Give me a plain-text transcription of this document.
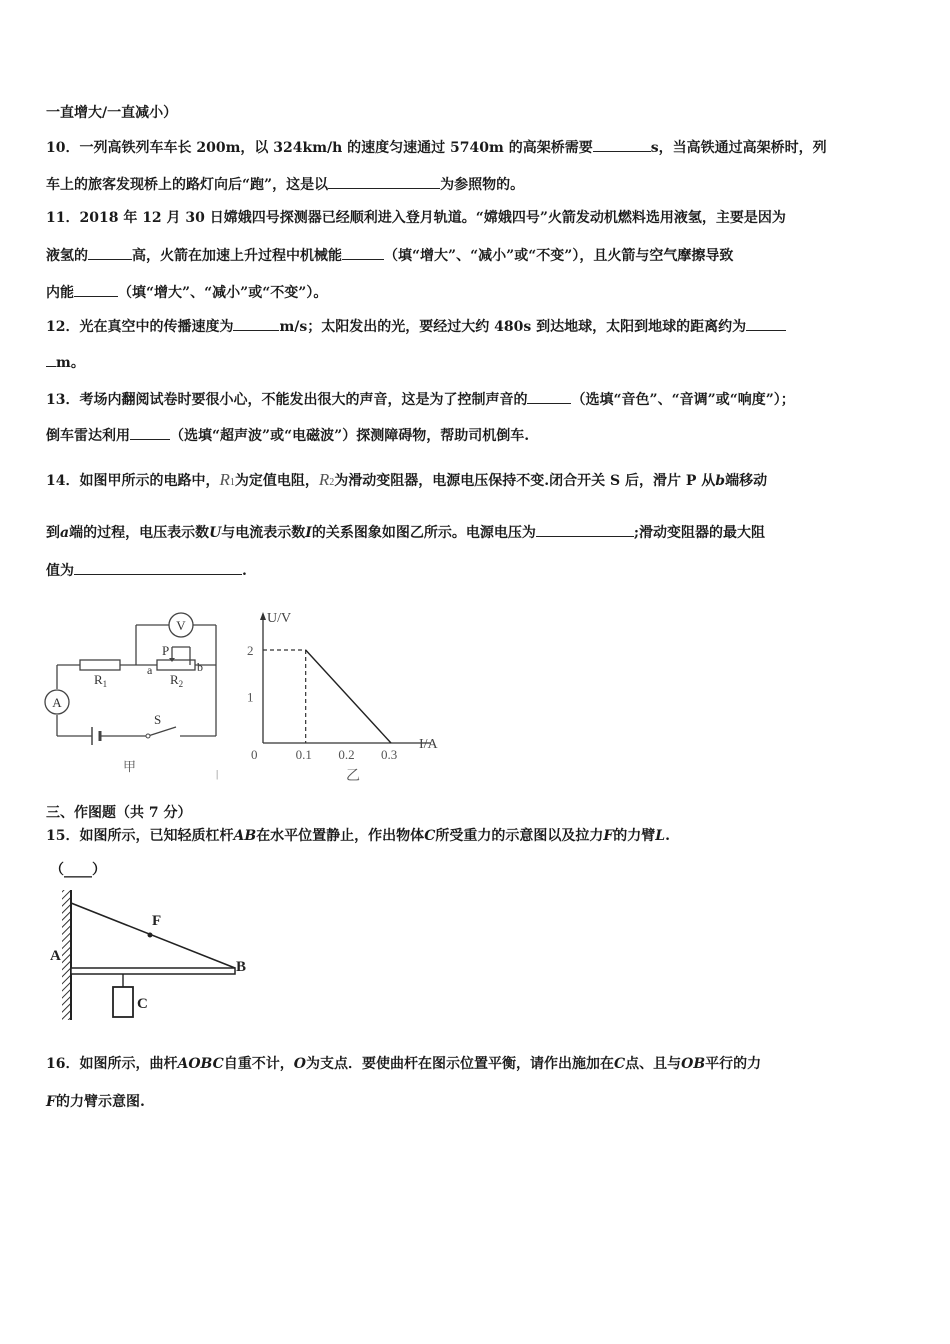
一直增大/一直减小）
10．一列高铁列车车长 200m，以 324km/h 的速度匀速通过 5740m 的高架桥需要	s，当高铁通过高架桥时，列
车上的旅客发现桥上的路灯向后“跑”，这是以	为参照物的。
11．2018 年 12 月 30 日嫦娥四号探测器已经顺利进入登月轨道。“嫦娥四号”火箭发动机燃料选用液氢，主要是因为
液氢的	高，火箭在加速上升过程中机械能	（填“增大”、“减小”或“不变”），且火箭与空气摩擦导致
内能	（填“增大”、“减小”或“不变”）。
12．光在真空中的传播速度为	m/s；太阳发出的光，要经过大约 480s 到达地球，太阳到地球的距离约为
m。
13．考场内翻阅试卷时要很小心，不能发出很大的声音，这是为了控制声音的	（选填“音色”、“音调”或“响度”）；
倒车雷达利用	（选填“超声波”或“电磁波”）探测障碍物，帮助司机倒车.
14．如图甲所示的电路中，R1为定值电阻，R2为滑动变阻器，电源电压保持不变.闭合开关 S 后，滑片 P 从b端移动
到a端的过程，电压表示数U与电流表示数I的关系图象如图乙所示。电源电压为	;滑动变阻器的最大阻
值为	.
V
A
P
$R_1$	$R_2$
a	b
S
甲	|
U/V
I/A
0	0.1 0.2 0.3
2
1
乙
三、作图题（共 7 分）
15．如图所示，已知轻质杠杆AB在水平位置静止，作出物体C所受重力的示意图以及拉力F的力臂L.
（____）
A
B
C
F
16．如图所示，曲杆AOBC自重不计，O为支点．要使曲杆在图示位置平衡，请作出施加在C点、且与OB平行的力
F的力臂示意图.
